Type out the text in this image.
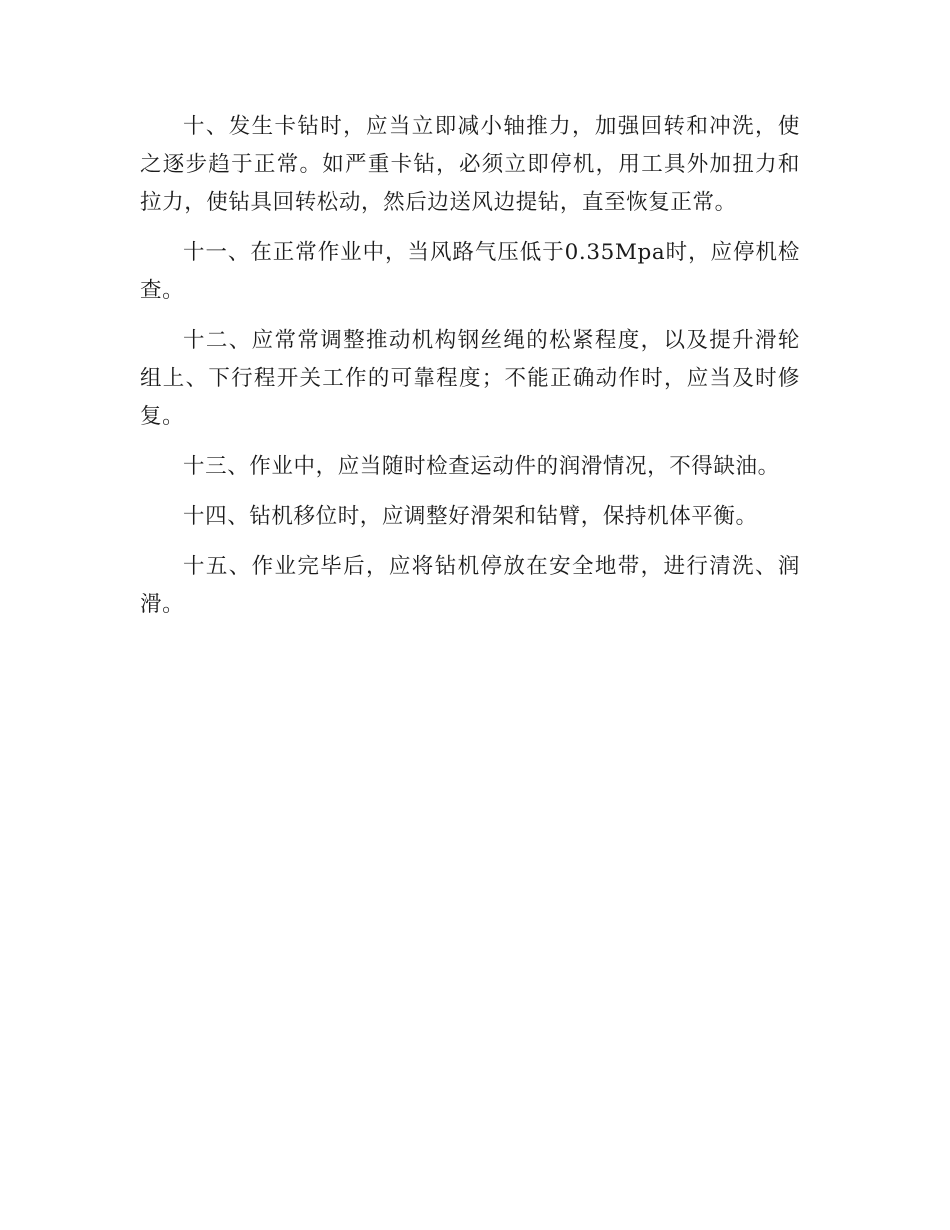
十、发生卡钻时，应当立即减小轴推力，加强回转和冲洗，使之逐步趋于正常。如严重卡钻，必须立即停机，用工具外加扭力和拉力，使钻具回转松动，然后边送风边提钻，直至恢复正常。

十一、在正常作业中，当风路气压低于0.35Mpa时，应停机检查。

十二、应常常调整推动机构钢丝绳的松紧程度，以及提升滑轮组上、下行程开关工作的可靠程度；不能正确动作时，应当及时修复。

十三、作业中，应当随时检查运动件的润滑情况，不得缺油。

十四、钻机移位时，应调整好滑架和钻臂，保持机体平衡。

十五、作业完毕后，应将钻机停放在安全地带，进行清洗、润滑。
